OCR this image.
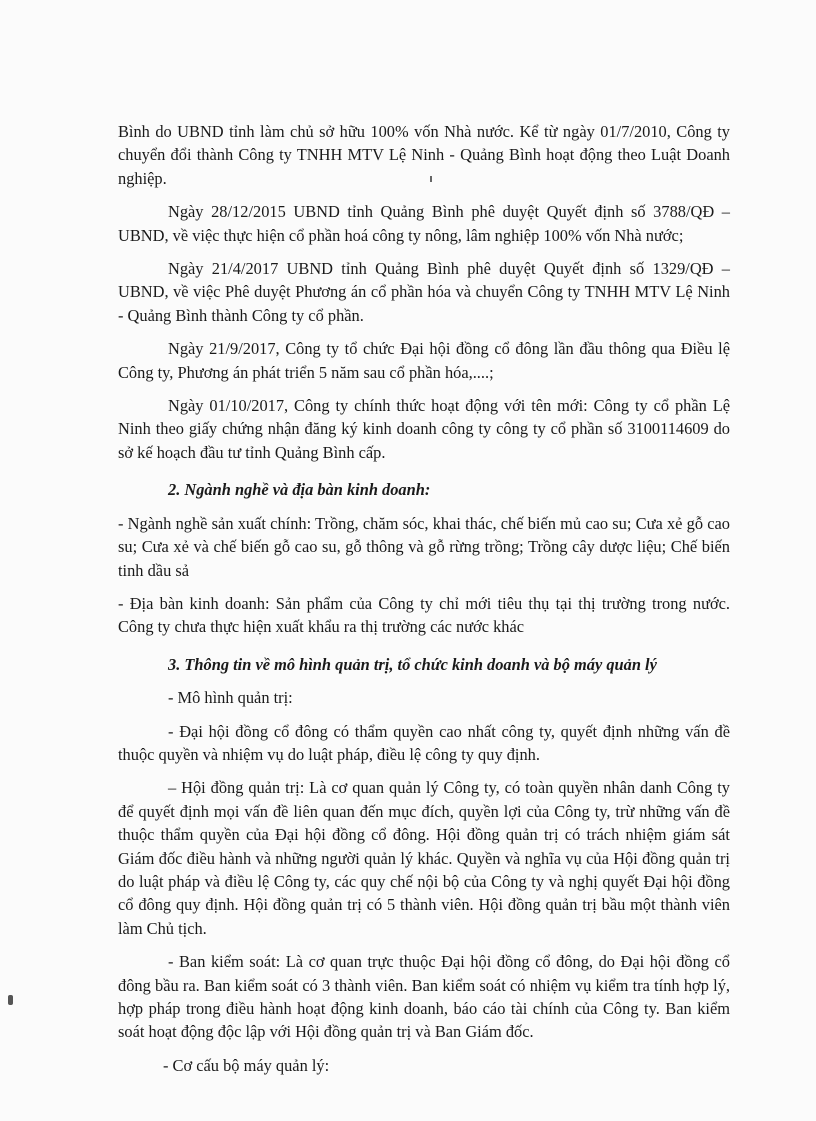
Bình do UBND tỉnh làm chủ sở hữu 100% vốn Nhà nước. Kể từ ngày 01/7/2010, Công ty chuyển đổi thành Công ty TNHH MTV Lệ Ninh - Quảng Bình hoạt động theo Luật Doanh nghiệp.

Ngày 28/12/2015 UBND tỉnh Quảng Bình phê duyệt Quyết định số 3788/QĐ – UBND, về việc thực hiện cổ phần hoá công ty nông, lâm nghiệp 100% vốn Nhà nước;

Ngày 21/4/2017 UBND tỉnh Quảng Bình phê duyệt Quyết định số 1329/QĐ – UBND, về việc Phê duyệt Phương án cổ phần hóa và chuyển Công ty TNHH MTV Lệ Ninh - Quảng Bình thành Công ty cổ phần.

Ngày 21/9/2017, Công ty tổ chức Đại hội đồng cổ đông lần đầu thông qua Điều lệ Công ty, Phương án phát triển 5 năm sau cổ phần hóa,....;

Ngày 01/10/2017, Công ty chính thức hoạt động với tên mới: Công ty cổ phần Lệ Ninh theo giấy chứng nhận đăng ký kinh doanh công ty công ty cổ phần số 3100114609 do sở kế hoạch đầu tư tỉnh Quảng Bình cấp.

2. Ngành nghề và địa bàn kinh doanh:

- Ngành nghề sản xuất chính: Trồng, chăm sóc, khai thác, chế biến mủ cao su; Cưa xẻ gỗ cao su; Cưa xẻ và chế biến gỗ cao su, gỗ thông và gỗ rừng trồng; Trồng cây dược liệu; Chế biến tinh dầu sả

- Địa bàn kinh doanh: Sản phẩm của Công ty chỉ mới tiêu thụ tại thị trường trong nước. Công ty chưa thực hiện xuất khẩu ra thị trường các nước khác

3. Thông tin về mô hình quản trị, tổ chức kinh doanh và bộ máy quản lý

- Mô hình quản trị:

- Đại hội đồng cổ đông có thẩm quyền cao nhất công ty, quyết định những vấn đề thuộc quyền và nhiệm vụ do luật pháp, điều lệ công ty quy định.

– Hội đồng quản trị: Là cơ quan quản lý Công ty, có toàn quyền nhân danh Công ty để quyết định mọi vấn đề liên quan đến mục đích, quyền lợi của Công ty, trừ những vấn đề thuộc thẩm quyền của Đại hội đồng cổ đông. Hội đồng quản trị có trách nhiệm giám sát Giám đốc điều hành và những người quản lý khác. Quyền và nghĩa vụ của Hội đồng quản trị do luật pháp và điều lệ Công ty, các quy chế nội bộ của Công ty và nghị quyết Đại hội đồng cổ đông quy định. Hội đồng quản trị có 5 thành viên. Hội đồng quản trị bầu một thành viên làm Chủ tịch.

- Ban kiểm soát: Là cơ quan trực thuộc Đại hội đồng cổ đông, do Đại hội đồng cổ đông bầu ra. Ban kiểm soát có 3 thành viên. Ban kiểm soát có nhiệm vụ kiểm tra tính hợp lý, hợp pháp trong điều hành hoạt động kinh doanh, báo cáo tài chính của Công ty. Ban kiểm soát hoạt động độc lập với Hội đồng quản trị và Ban Giám đốc.

- Cơ cấu bộ máy quản lý:
